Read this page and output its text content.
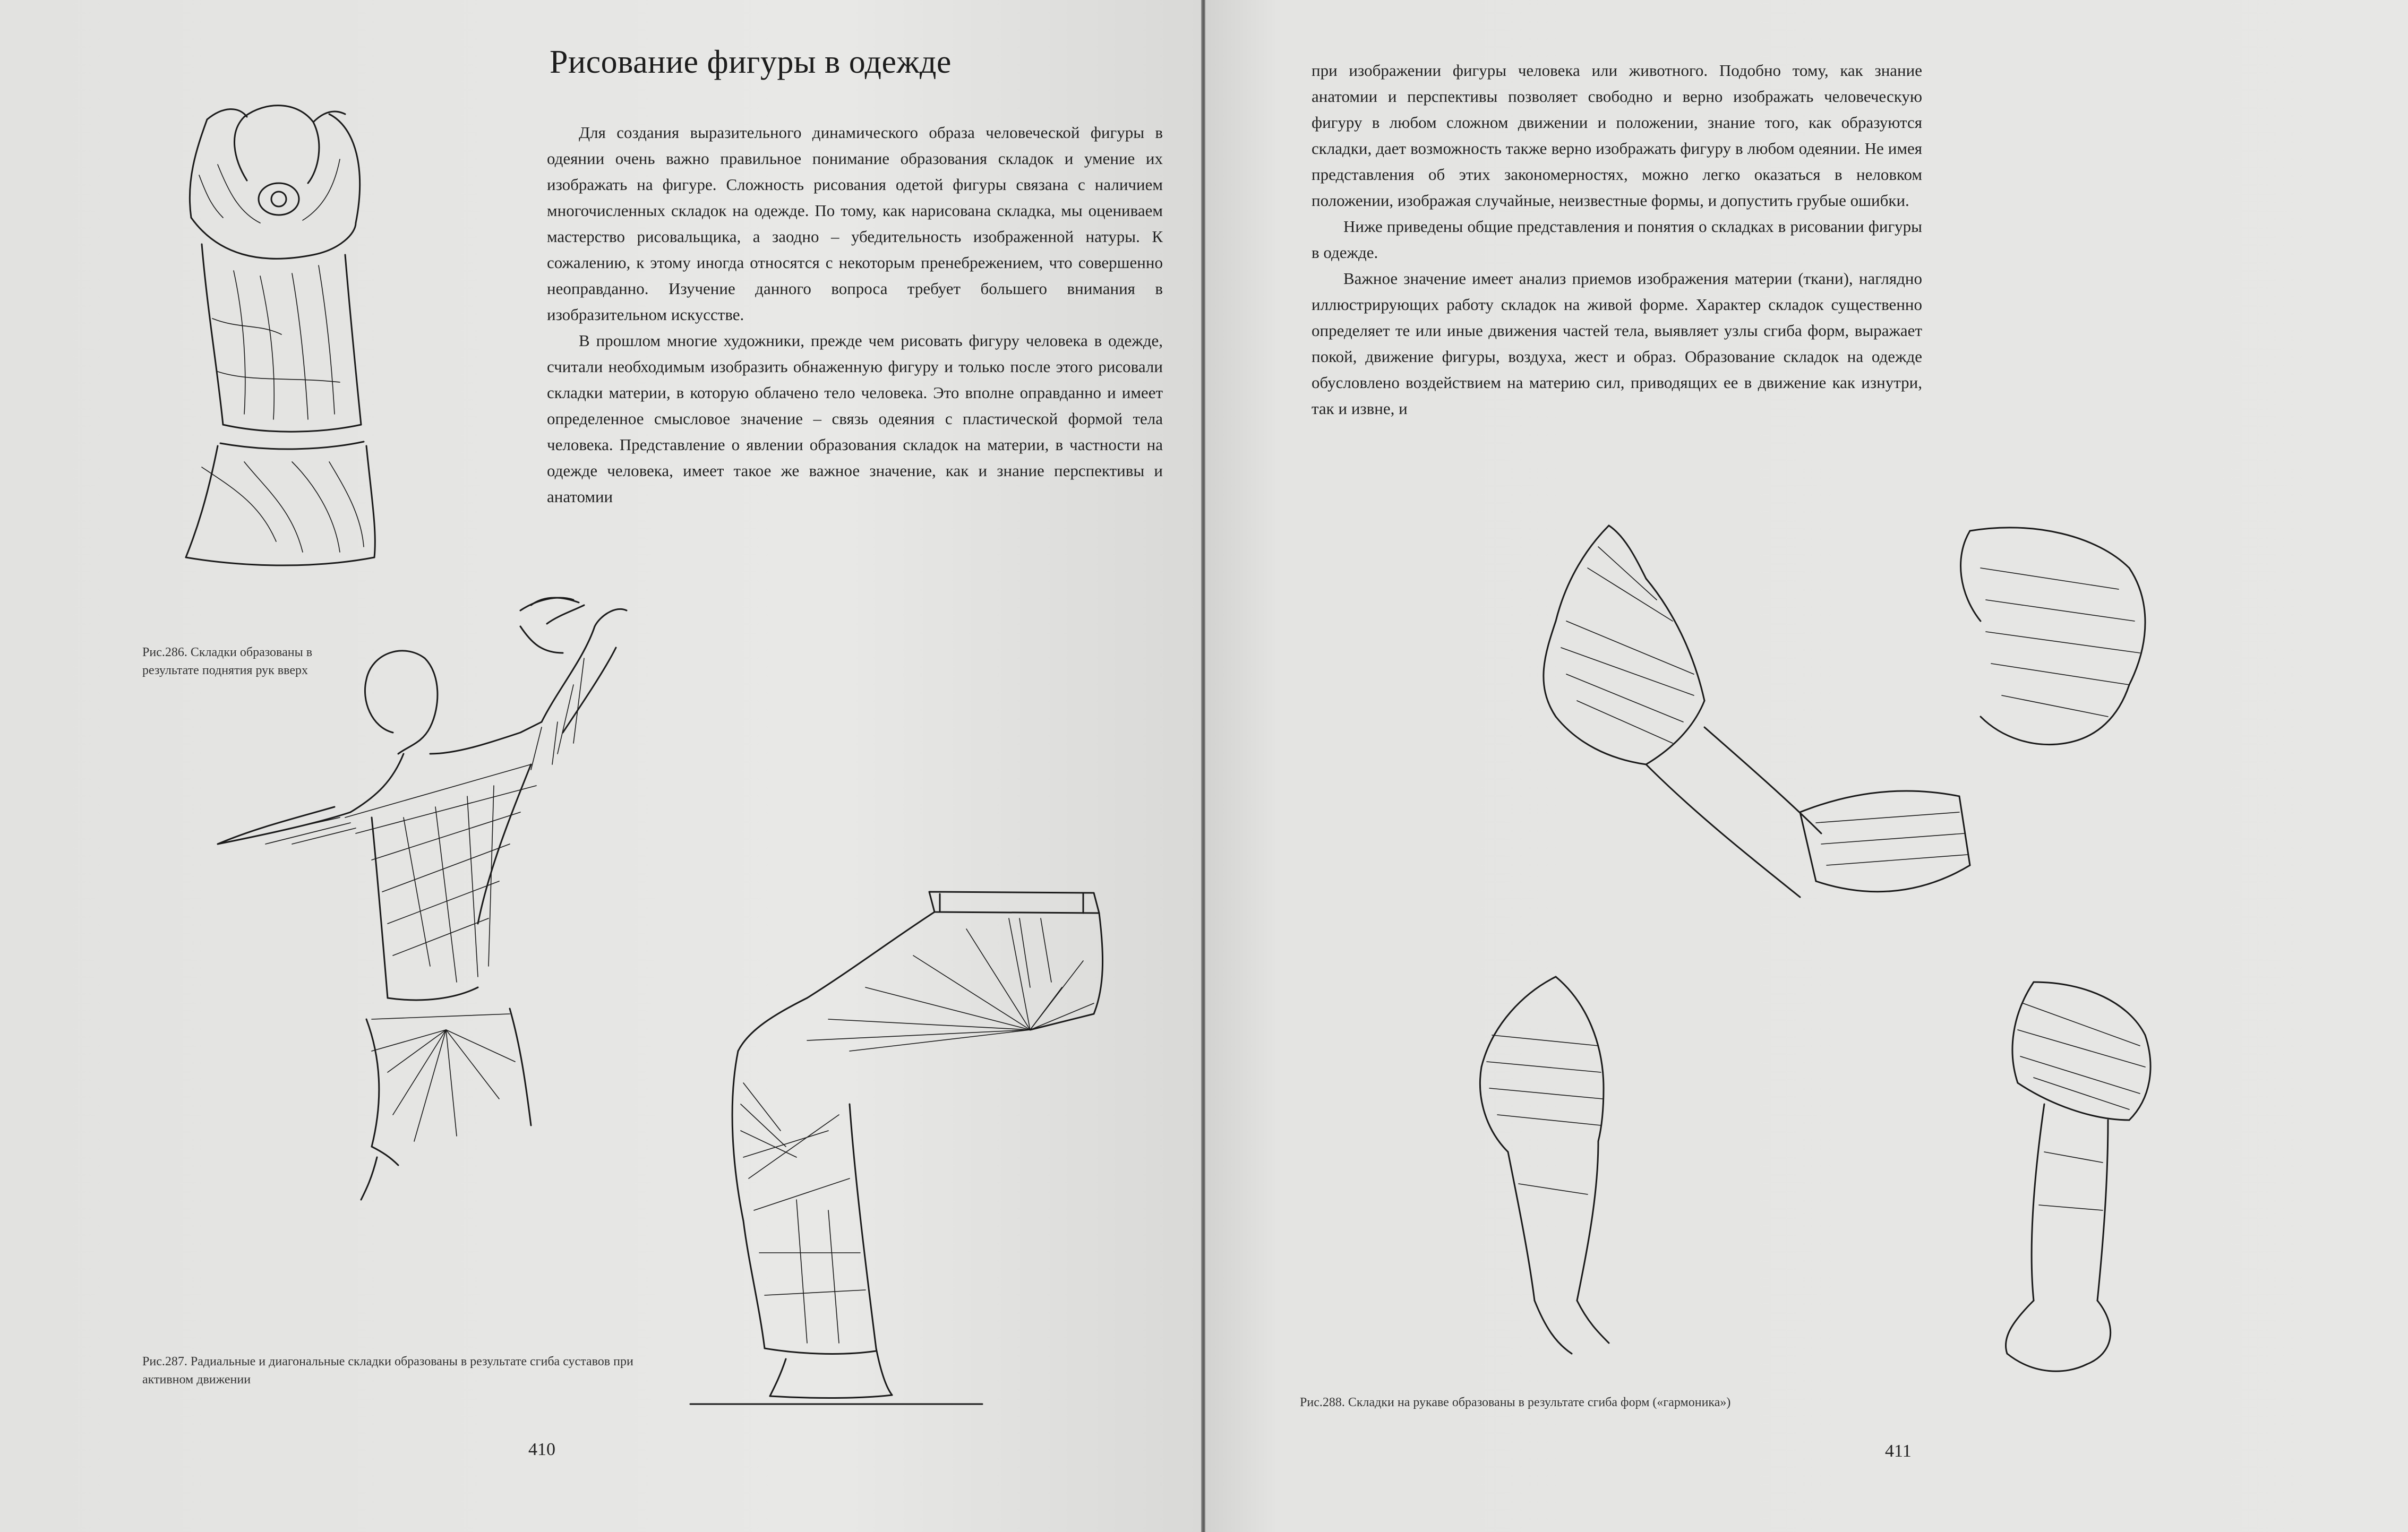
Рисование фигуры в одежде

Для создания выразительного динамического образа человеческой фигуры в одеянии очень важно правильное понимание образования складок и умение их изображать на фигуре. Сложность рисования одетой фигуры связана с наличием многочисленных складок на одежде. По тому, как нарисована складка, мы оцениваем мастерство рисовальщика, а заодно – убедительность изображенной натуры. К сожалению, к этому иногда относятся с некоторым пренебрежением, что совершенно неоправданно. Изучение данного вопроса требует большего внимания в изобразительном искусстве.

В прошлом многие художники, прежде чем рисовать фигуру человека в одежде, считали необходимым изобразить обнаженную фигуру и только после этого рисовали складки материи, в которую облачено тело человека. Это вполне оправданно и имеет определенное смысловое значение – связь одеяния с пластической формой тела человека. Представление о явлении образования складок на материи, в частности на одежде человека, имеет такое же важное значение, как и знание перспективы и анатомии

Рис.286. Складки образованы в результате поднятия рук вверх
Рис.287. Радиальные и диагональные складки образованы в результате сгиба суставов при активном движении
410

при изображении фигуры человека или животного. Подобно тому, как знание анатомии и перспективы позволяет свободно и верно изображать человеческую фигуру в любом сложном движении и положении, знание того, как образуются складки, дает возможность также верно изображать фигуру в любом одеянии. Не имея представления об этих закономерностях, можно легко оказаться в неловком положении, изображая случайные, неизвестные формы, и допустить грубые ошибки.

Ниже приведены общие представления и понятия о складках в рисовании фигуры в одежде.

Важное значение имеет анализ приемов изображения материи (ткани), наглядно иллюстрирующих работу складок на живой форме. Характер складок существенно определяет те или иные движения частей тела, выявляет узлы сгиба форм, выражает покой, движение фигуры, воздуха, жест и образ. Образование складок на одежде обусловлено воздействием на материю сил, приводящих ее в движение как изнутри, так и извне, и

Рис.288. Складки на рукаве образованы в результате сгиба форм («гармоника»)
411
